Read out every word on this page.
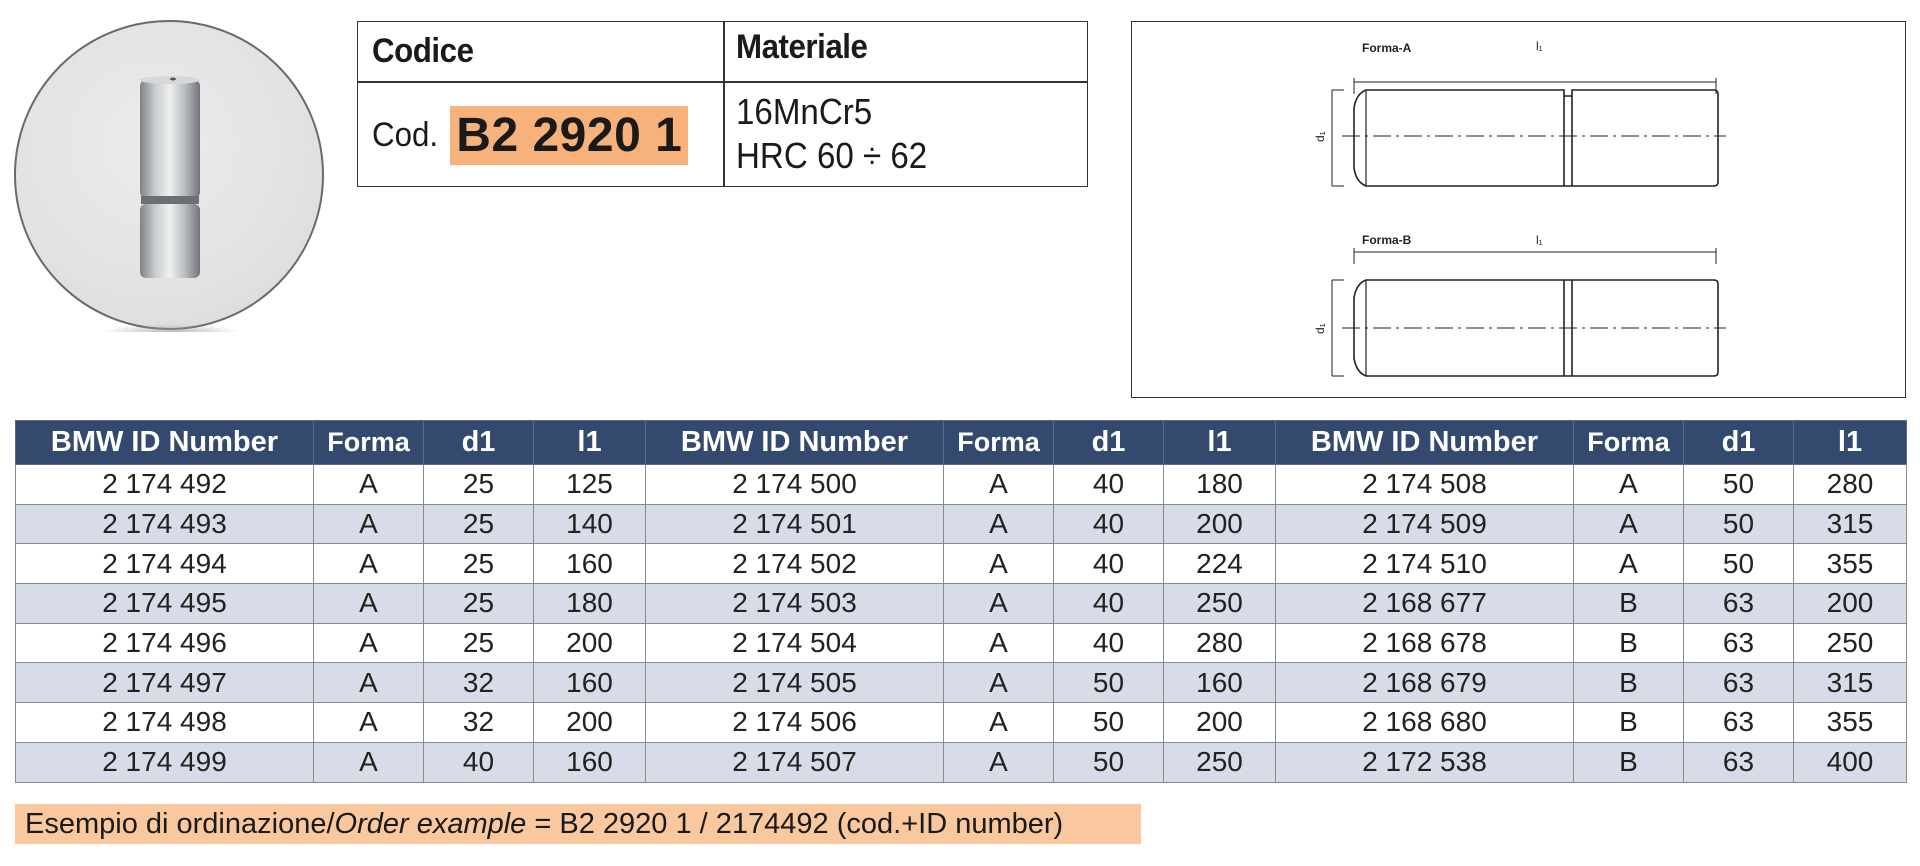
Codice	Materiale
Cod. B2 2920 1 16MnCr5
HRC 60 ÷ 62
Forma-A	l₁
d₁
Forma-B	l₁
d₁
BMW ID Number	Forma	d1	l1	BMW ID Number	Forma	d1	l1	BMW ID Number	Forma	d1	l1
2 174 492	A	25	125	2 174 500	A	40	180	2 174 508	A	50	280
2 174 493	A	25	140	2 174 501	A	40	200	2 174 509	A	50	315
2 174 494	A	25	160	2 174 502	A	40	224	2 174 510	A	50	355
2 174 495	A	25	180	2 174 503	A	40	250	2 168 677	B	63	200
2 174 496	A	25	200	2 174 504	A	40	280	2 168 678	B	63	250
2 174 497	A	32	160	2 174 505	A	50	160	2 168 679	B	63	315
2 174 498	A	32	200	2 174 506	A	50	200	2 168 680	B	63	355
2 174 499	A	40	160	2 174 507	A	50	250	2 172 538	B	63	400
Esempio di ordinazione/Order example = B2 2920 1 / 2174492 (cod.+ID number)
